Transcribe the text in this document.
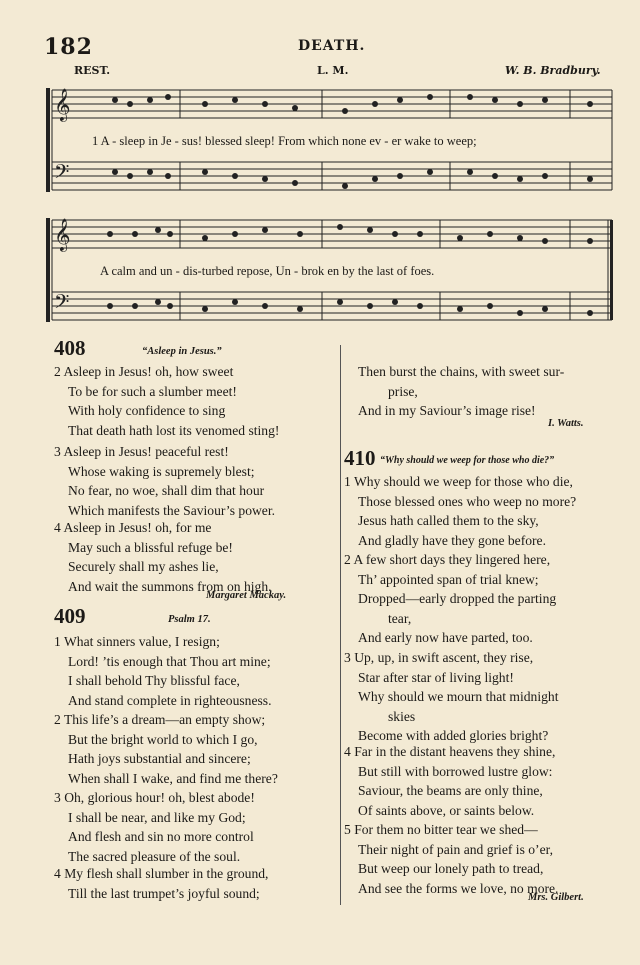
182	DEATH.
REST.	L. M.	W. B. Bradbury.
𝄞
𝄢
1 A - sleep in Je - sus! blessed sleep! From which none ev - er wake to weep;
𝄞
𝄢
A calm and un - dis-turbed repose, Un - brok en by the last of foes.
408	“Asleep in Jesus.”
2 Asleep in Jesus! oh, how sweet
To be for such a slumber meet!
With holy confidence to sing
That death hath lost its venomed sting!
3 Asleep in Jesus! peaceful rest!
Whose waking is supremely blest;
No fear, no woe, shall dim that hour
Which manifests the Saviour’s power.
4 Asleep in Jesus! oh, for me
May such a blissful refuge be!
Securely shall my ashes lie,
And wait the summons from on high.
Margaret Mackay.
409	Psalm 17.
1 What sinners value, I resign;
Lord! ’tis enough that Thou art mine;
I shall behold Thy blissful face,
And stand complete in righteousness.
2 This life’s a dream—an empty show;
But the bright world to which I go,
Hath joys substantial and sincere;
When shall I wake, and find me there?
3 Oh, glorious hour! oh, blest abode!
I shall be near, and like my God;
And flesh and sin no more control
The sacred pleasure of the soul.
4 My flesh shall slumber in the ground,
Till the last trumpet’s joyful sound;
Then burst the chains, with sweet sur-
prise,
And in my Saviour’s image rise!
I. Watts.
410 “Why should we weep for those who die?”
1 Why should we weep for those who die,
Those blessed ones who weep no more?
Jesus hath called them to the sky,
And gladly have they gone before.
2 A few short days they lingered here,
Th’ appointed span of trial knew;
Dropped—early dropped the parting
tear,
And early now have parted, too.
3 Up, up, in swift ascent, they rise,
Star after star of living light!
Why should we mourn that midnight
skies
Become with added glories bright?
4 Far in the distant heavens they shine,
But still with borrowed lustre glow:
Saviour, the beams are only thine,
Of saints above, or saints below.
5 For them no bitter tear we shed—
Their night of pain and grief is o’er,
But weep our lonely path to tread,
And see the forms we love, no more.
Mrs. Gilbert.
